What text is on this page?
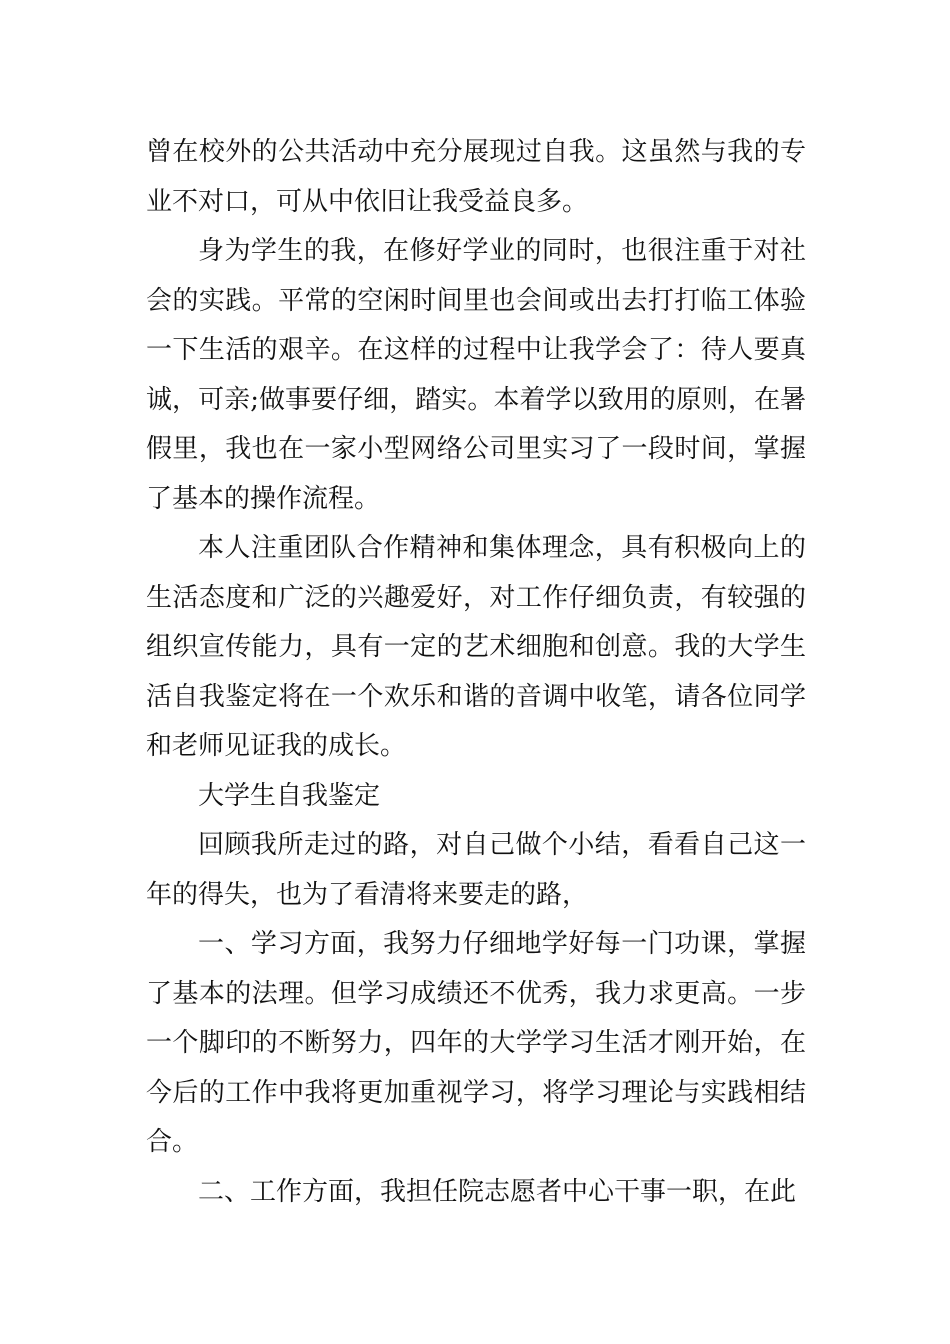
曾在校外的公共活动中充分展现过自我。这虽然与我的专业不对口，可从中依旧让我受益良多。

身为学生的我，在修好学业的同时，也很注重于对社会的实践。平常的空闲时间里也会间或出去打打临工体验一下生活的艰辛。在这样的过程中让我学会了：待人要真诚，可亲;做事要仔细，踏实。本着学以致用的原则，在暑假里，我也在一家小型网络公司里实习了一段时间，掌握了基本的操作流程。

本人注重团队合作精神和集体理念，具有积极向上的生活态度和广泛的兴趣爱好，对工作仔细负责，有较强的组织宣传能力，具有一定的艺术细胞和创意。我的大学生活自我鉴定将在一个欢乐和谐的音调中收笔，请各位同学和老师见证我的成长。

大学生自我鉴定

回顾我所走过的路，对自己做个小结，看看自己这一年的得失，也为了看清将来要走的路，

一、学习方面，我努力仔细地学好每一门功课，掌握了基本的法理。但学习成绩还不优秀，我力求更高。一步一个脚印的不断努力，四年的大学学习生活才刚开始，在今后的工作中我将更加重视学习，将学习理论与实践相结合。

二、工作方面，我担任院志愿者中心干事一职，在此
